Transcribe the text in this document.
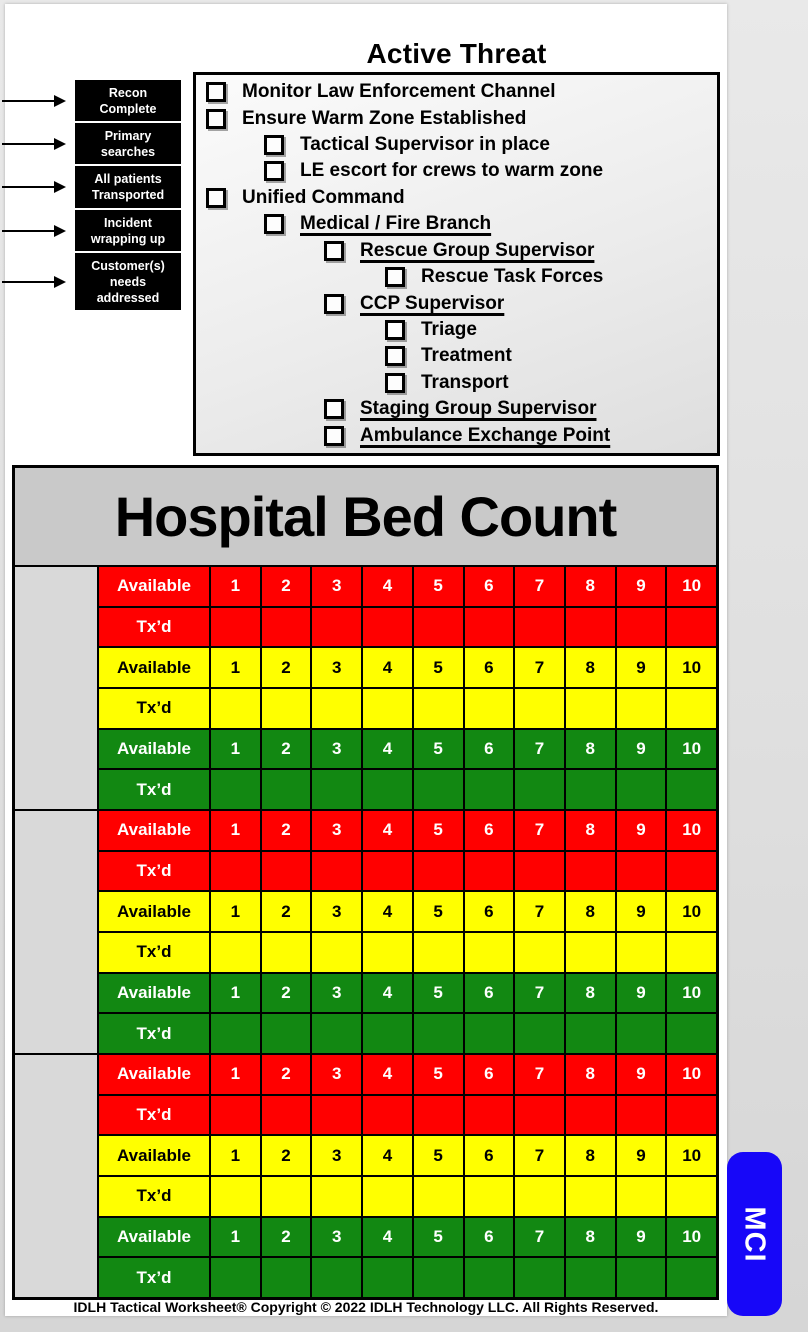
Recon
Complete
Primary
searches
All patients
Transported
Incident
wrapping up
Customer(s)
needs
addressed
Active Threat
Monitor Law Enforcement Channel
Ensure Warm Zone Established
Tactical Supervisor in place
LE escort for crews to warm zone
Unified Command
Medical / Fire Branch
Rescue Group Supervisor
Rescue Task Forces
CCP Supervisor
Triage
Treatment
Transport
Staging Group Supervisor
Ambulance Exchange Point
Hospital Bed Count
Available	1	2	3	4	5	6	7	8	9	10
Tx’d
Available	1	2	3	4	5	6	7	8	9	10
Tx’d
Available	1	2	3	4	5	6	7	8	9	10
Tx’d
Available	1	2	3	4	5	6	7	8	9	10
Tx’d
Available	1	2	3	4	5	6	7	8	9	10
Tx’d
Available	1	2	3	4	5	6	7	8	9	10
Tx’d
Available	1	2	3	4	5	6	7	8	9	10
Tx’d
Available	1	2	3	4	5	6	7	8	9	10
Tx’d
Available	1	2	3	4	5	6	7	8	9	10
Tx’d
IDLH Tactical Worksheet® Copyright © 2022 IDLH Technology LLC. All Rights Reserved.
MCI
